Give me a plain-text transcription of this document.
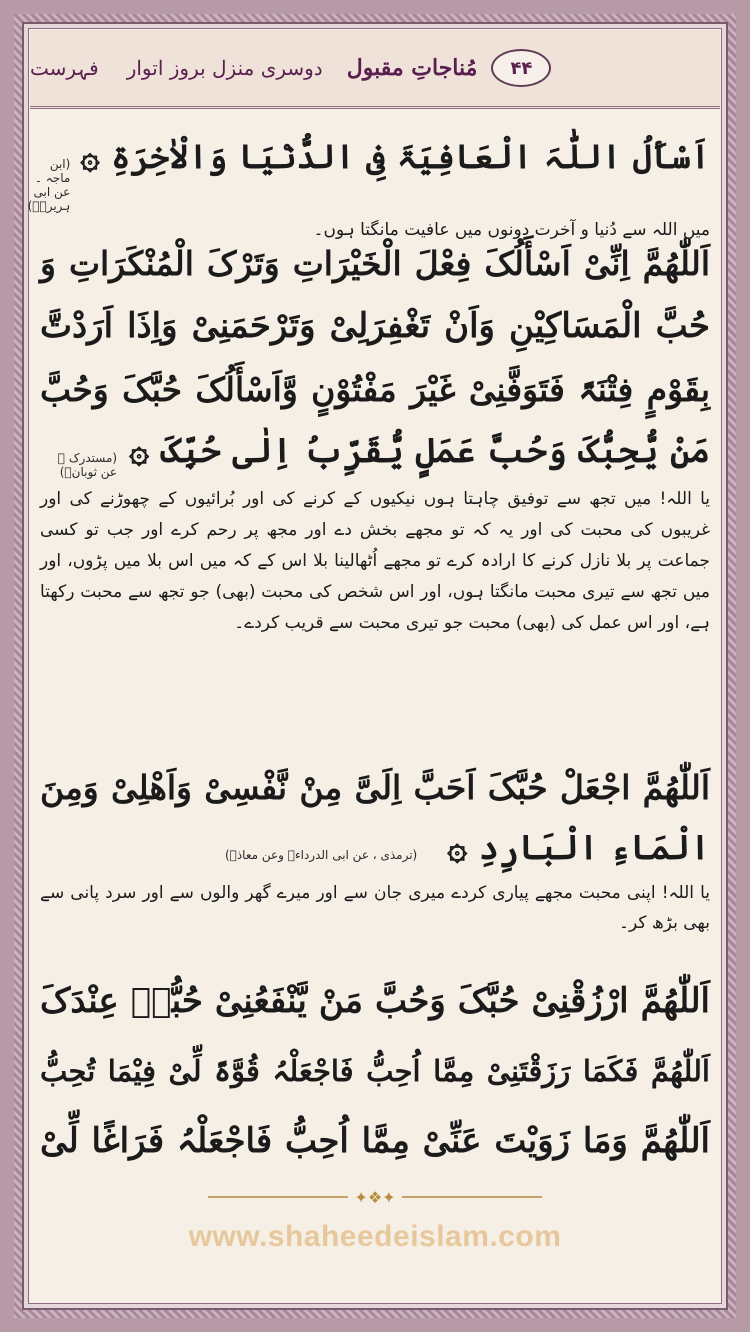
۴۴
مُناجاتِ مقبول
دوسری منزل بروز اتوار
فہرست
اَسْأَلُ اللّٰہَ الْعَافِیَۃَ فِی الدُّنْیَا وَالْاٰخِرَۃِ ۞
(ابن ماجہ ۔ عن ابی ہریرہؓ)
میں اللہ سے دُنیا و آخرت دونوں میں عافیت مانگتا ہوں۔
اَللّٰھُمَّ اِنِّیْ اَسْأَلُکَ فِعْلَ الْخَیْرَاتِ وَتَرْکَ الْمُنْکَرَاتِ وَ
حُبَّ الْمَسَاکِیْنِ وَاَنْ تَغْفِرَلِیْ وَتَرْحَمَنِیْ وَاِذَا اَرَدْتَّ
بِقَوْمٍ فِتْنَۃً فَتَوَفَّنِیْ غَیْرَ مَفْتُوْنٍ وَّاَسْأَلُکَ حُبَّکَ وَحُبَّ
مَنْ یُّحِبُّکَ وَحُبَّ عَمَلٍ یُّقَرِّبُ اِلٰی حُبِّکَ ۞
(مستدرک ۔ عن ثوبانؓ)
یا اللہ! میں تجھ سے توفیق چاہتا ہوں نیکیوں کے کرنے کی اور بُرائیوں کے چھوڑنے کی اور غریبوں کی محبت کی اور یہ کہ تو مجھے بخش دے اور مجھ پر رحم کرے اور جب تو کسی جماعت پر بلا نازل کرنے کا ارادہ کرے تو مجھے اُٹھالینا بلا اس کے کہ میں اس بلا میں پڑوں، اور میں تجھ سے تیری محبت مانگتا ہوں، اور اس شخص کی محبت (بھی) جو تجھ سے محبت رکھتا ہے، اور اس عمل کی (بھی) محبت جو تیری محبت سے قریب کردے۔
اَللّٰھُمَّ اجْعَلْ حُبَّکَ اَحَبَّ اِلَیَّ مِنْ نَّفْسِیْ وَاَھْلِیْ وَمِنَ
الْمَاءِ الْبَارِدِ ۞
(ترمذی ، عن ابی الدرداءؓ وعن معاذؓ)
یا اللہ! اپنی محبت مجھے پیاری کردے میری جان سے اور میرے گھر والوں سے اور سرد پانی سے بھی بڑھ کر۔
اَللّٰھُمَّ ارْزُقْنِیْ حُبَّکَ وَحُبَّ مَنْ یَّنْفَعُنِیْ حُبُّہٗ عِنْدَکَ
اَللّٰھُمَّ فَکَمَا رَزَقْتَنِیْ مِمَّا اُحِبُّ فَاجْعَلْہُ قُوَّۃً لِّیْ فِیْمَا تُحِبُّ
اَللّٰھُمَّ وَمَا زَوَیْتَ عَنِّیْ مِمَّا اُحِبُّ فَاجْعَلْہُ فَرَاغًا لِّیْ
✦❖✦
www.shaheedeislam.com
